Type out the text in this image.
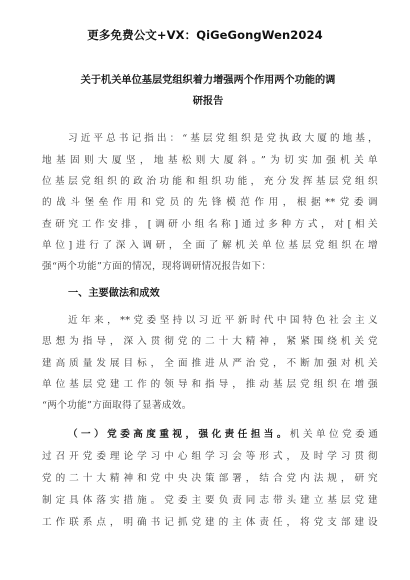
更多免费公文+VX：QiGeGongWen2024
关于机关单位基层党组织着力增强两个作用两个功能的调
研报告
习近平总书记指出：“基层党组织是党执政大厦的地基，
地基固则大厦坚，地基松则大厦斜。”为切实加强机关单
位基层党组织的政治功能和组织功能，充分发挥基层党组织
的战斗堡垒作用和党员的先锋模范作用，根据**党委调
查研究工作安排，[调研小组名称]通过多种方式，对[相关
单位]进行了深入调研，全面了解机关单位基层党组织在增
强“两个功能”方面的情况，现将调研情况报告如下：
一、主要做法和成效
近年来，**党委坚持以习近平新时代中国特色社会主义
思想为指导，深入贯彻党的二十大精神，紧紧围绕机关党
建高质量发展目标，全面推进从严治党，不断加强对机关
单位基层党建工作的领导和指导，推动基层党组织在增强
“两个功能”方面取得了显著成效。
（一）党委高度重视，强化责任担当。机关单位党委通
过召开党委理论学习中心组学习会等形式，及时学习贯彻
党的二十大精神和党中央决策部署，结合党内法规，研究
制定具体落实措施。党委主要负责同志带头建立基层党建
工作联系点，明确书记抓党建的主体责任，将党支部建设
